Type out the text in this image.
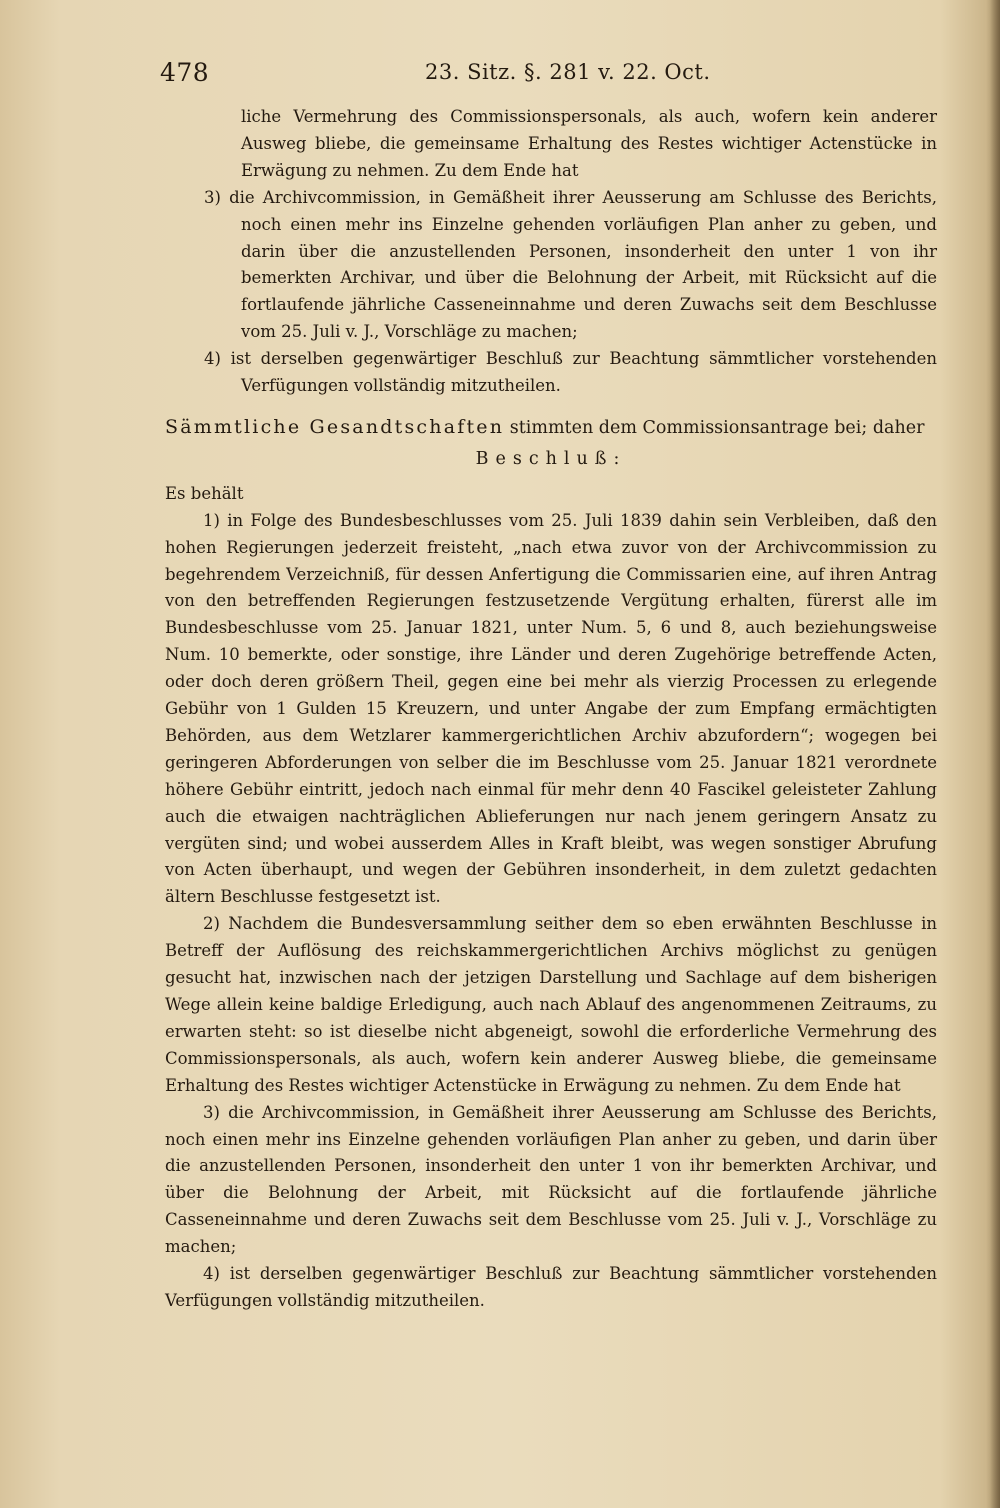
478	23. Sitz. §. 281 v. 22. Oct.

liche Vermehrung des Commissionspersonals, als auch, wofern kein anderer Ausweg bliebe, die gemeinsame Erhaltung des Restes wichtiger Actenstücke in Erwägung zu nehmen. Zu dem Ende hat

3) die Archivcommission, in Gemäßheit ihrer Aeusserung am Schlusse des Berichts, noch einen mehr ins Einzelne gehenden vorläufigen Plan anher zu geben, und darin über die anzustellenden Personen, insonderheit den unter 1 von ihr bemerkten Archivar, und über die Belohnung der Arbeit, mit Rücksicht auf die fortlaufende jährliche Casseneinnahme und deren Zuwachs seit dem Beschlusse vom 25. Juli v. J., Vorschläge zu machen;

4) ist derselben gegenwärtiger Beschluß zur Beachtung sämmtlicher vorstehenden Verfügungen vollständig mitzutheilen.

Sämmtliche Gesandtschaften stimmten dem Commissionsantrage bei; daher

Beschluß:

Es behält

1) in Folge des Bundesbeschlusses vom 25. Juli 1839 dahin sein Verbleiben, daß den hohen Regierungen jederzeit freisteht, „nach etwa zuvor von der Archivcommission zu begehrendem Verzeichniß, für dessen Anfertigung die Commissarien eine, auf ihren Antrag von den betreffenden Regierungen festzusetzende Vergütung erhalten, fürerst alle im Bundesbeschlusse vom 25. Januar 1821, unter Num. 5, 6 und 8, auch beziehungsweise Num. 10 bemerkte, oder sonstige, ihre Länder und deren Zugehörige betreffende Acten, oder doch deren größern Theil, gegen eine bei mehr als vierzig Processen zu erlegende Gebühr von 1 Gulden 15 Kreuzern, und unter Angabe der zum Empfang ermächtigten Behörden, aus dem Wetzlarer kammergerichtlichen Archiv abzufordern“; wogegen bei geringeren Abforderungen von selber die im Beschlusse vom 25. Januar 1821 verordnete höhere Gebühr eintritt, jedoch nach einmal für mehr denn 40 Fascikel geleisteter Zahlung auch die etwaigen nachträglichen Ablieferungen nur nach jenem geringern Ansatz zu vergüten sind; und wobei ausserdem Alles in Kraft bleibt, was wegen sonstiger Abrufung von Acten überhaupt, und wegen der Gebühren insonderheit, in dem zuletzt gedachten ältern Beschlusse festgesetzt ist.

2) Nachdem die Bundesversammlung seither dem so eben erwähnten Beschlusse in Betreff der Auflösung des reichskammergerichtlichen Archivs möglichst zu genügen gesucht hat, inzwischen nach der jetzigen Darstellung und Sachlage auf dem bisherigen Wege allein keine baldige Erledigung, auch nach Ablauf des angenommenen Zeitraums, zu erwarten steht: so ist dieselbe nicht abgeneigt, sowohl die erforderliche Vermehrung des Commissionspersonals, als auch, wofern kein anderer Ausweg bliebe, die gemeinsame Erhaltung des Restes wichtiger Actenstücke in Erwägung zu nehmen. Zu dem Ende hat

3) die Archivcommission, in Gemäßheit ihrer Aeusserung am Schlusse des Berichts, noch einen mehr ins Einzelne gehenden vorläufigen Plan anher zu geben, und darin über die anzustellenden Personen, insonderheit den unter 1 von ihr bemerkten Archivar, und über die Belohnung der Arbeit, mit Rücksicht auf die fortlaufende jährliche Casseneinnahme und deren Zuwachs seit dem Beschlusse vom 25. Juli v. J., Vorschläge zu machen;

4) ist derselben gegenwärtiger Beschluß zur Beachtung sämmtlicher vorstehenden Verfügungen vollständig mitzutheilen.
